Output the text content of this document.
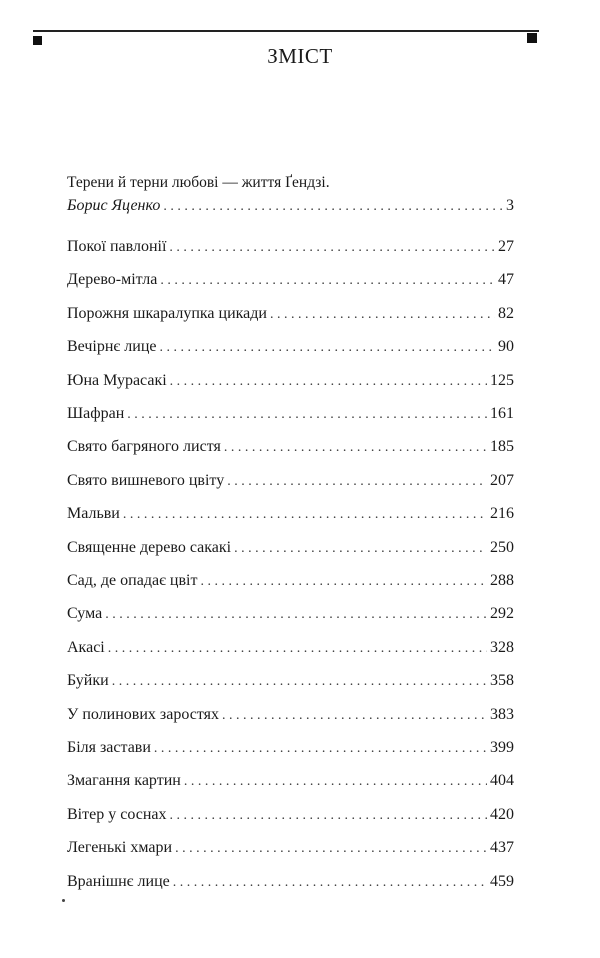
ЗМІСТ
Терени й терни любові — життя Ґендзі.
Борис Яценко . . .	3
Покої павлонії . . .	27
Дерево-мітла . . .	47
Порожня шкаралупка цикади . . .	82
Вечірнє лице . . .	90
Юна Мурасакі . . .	125
Шафран . . .	161
Свято багряного листя . . .	185
Свято вишневого цвіту . . .	207
Мальви . . .	216
Священне дерево сакакі . . .	250
Сад, де опадає цвіт . . .	288
Сума . . .	292
Акасі . . .	328
Буйки . . .	358
У полинових заростях . . .	383
Біля застави . . .	399
Змагання картин . . .	404
Вітер у соснах . . .	420
Легенькі хмари . . .	437
Вранішнє лице . . .	459
